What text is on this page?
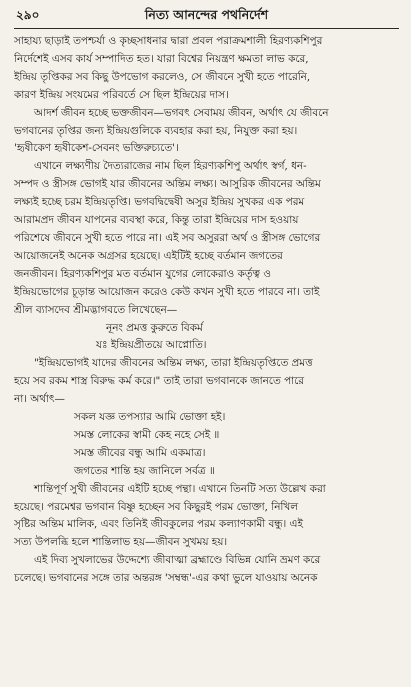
২৯০	নিত্য আনন্দের পথনির্দেশ
সাহায্য ছাড়াই তপশ্চর্যা ও কৃচ্ছসাধনার দ্বারা প্রবল পরাক্রমশালী হিরণ্যকশিপুর
নির্দেশেই এসব কার্য সম্পাদিত হত। যারা বিশ্বের নিয়ন্ত্রণ ক্ষমতা লাভ করে,
ইন্দ্রিয় তৃপ্তিকর সব কিছু উপভোগ করলেও, সে জীবনে সুখী হতে পারেনি,
কারণ ইন্দ্রিয় সংযমের পরিবর্তে সে ছিল ইন্দ্রিয়ের দাস।
আদর্শ জীবন হচ্ছে ভক্তজীবন—ভগবৎ সেবাময় জীবন, অর্থাৎ যে জীবনে
ভগবানের তৃপ্তির জন্য ইন্দ্রিয়গুলিকে ব্যবহার করা হয়, নিযুক্ত করা হয়।
'হৃষীকেণ হৃষীকেশ-সেবনং ভক্তিরুচ্যতে'।
এখানে লক্ষ্যণীয় দৈত্যরাজের নাম ছিল হিরণ্যকশিপু অর্থাৎ স্বর্গ, ধন-
সম্পদ ও স্ত্রীসঙ্গ ভোগই যার জীবনের অন্তিম লক্ষ্য। আসুরিক জীবনের অন্তিম
লক্ষ্যই হচ্ছে চরম ইন্দ্রিয়তৃপ্তি। ভগবদ্বিদ্বেষী অসুর ইন্দ্রিয় সুখকর এক পরম
আরামপ্রদ জীবন যাপনের ব্যবস্থা করে, কিন্তু তারা ইন্দ্রিয়ের দাস হওয়ায়
পরিশেষে জীবনে সুখী হতে পারে না। এই সব অসুররা অর্থ ও স্ত্রীসঙ্গ ভোগের
আয়োজনেই অনেক অগ্রসর হয়েছে। এইটিই হচ্ছে বর্তমান জগতের
জনজীবন। হিরণ্যকশিপুর মত বর্তমান যুগের লোকেরাও কর্তৃত্ব ও
ইন্দ্রিয়ভোগের চূড়ান্ত আয়োজন করেও কেউ কখন সুখী হতে পারবে না। তাই
শ্রীল ব্যাসদেব শ্রীমদ্ভাগবতে লিখেছেন—
নূনং প্রমত্ত কুরুতে বিকর্ম
যঃ ইন্দ্রিয়প্রীতয়ে আপ্নোতি।
"ইন্দ্রিয়ভোগই যাদের জীবনের অন্তিম লক্ষ্য, তারা ইন্দ্রিয়তৃপ্তিতে প্রমত্ত
হয়ে সব রকম শাস্ত্র বিরুদ্ধ কর্ম করে।" তাই তারা ভগবানকে জানতে পারে
না। অর্থাৎ—
সকল যজ্ঞ তপস্যার আমি ভোক্তা হই।
সমস্ত লোকের স্বামী কেহ নহে সেই ॥
সমস্ত জীবের বন্ধু আমি একমাত্র।
জগতের শান্তি হয় জানিলে সর্বত্র ॥
শান্তিপূর্ণ সুখী জীবনের এইটি হচ্ছে পন্থা। এখানে তিনটি সত্য উল্লেখ করা
হয়েছে। পরমেশ্বর ভগবান বিষ্ণু হচ্ছেন সব কিছুরই পরম ভোক্তা, নিখিল
সৃষ্টির অন্তিম মালিক, এবং তিনিই জীবকুলের পরম কল্যাণকামী বন্ধু। এই
সত্য উপলব্ধি হলে শান্তিলাভ হয়—জীবন সুখময় হয়।
এই দিব্য সুখলাভের উদ্দেশ্যে জীবাত্মা ব্রহ্মাণ্ডে বিভিন্ন যোনি ভ্রমণ করে
চলেছে। ভগবানের সঙ্গে তার অন্তরঙ্গ 'সম্বন্ধ'-এর কথা ভুলে যাওয়ায় অনেক
